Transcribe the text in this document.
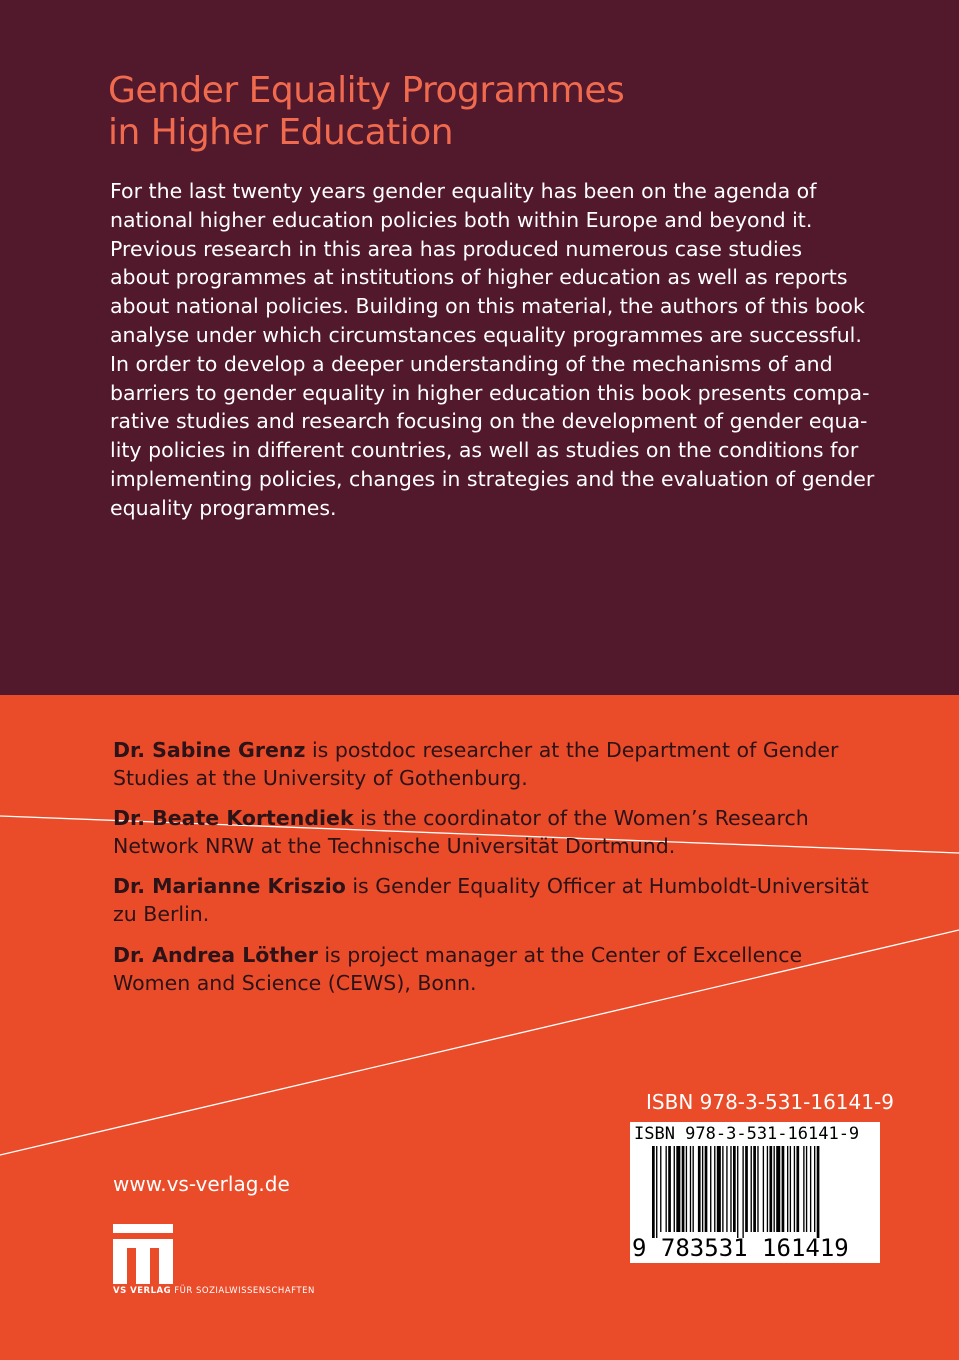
Gender Equality Programmes
in Higher Education

For the last twenty years gender equality has been on the agenda of
national higher education policies both within Europe and beyond it.
Previous research in this area has produced numerous case studies
about programmes at institutions of higher education as well as reports
about national policies. Building on this material, the authors of this book
analyse under which circumstances equality programmes are successful.
In order to develop a deeper understanding of the mechanisms of and
barriers to gender equality in higher education this book presents compa-
rative studies and research focusing on the development of gender equa-
lity policies in different countries, as well as studies on the conditions for
implementing policies, changes in strategies and the evaluation of gender
equality programmes.

Dr. Sabine Grenz is postdoc researcher at the Department of Gender
Studies at the University of Gothenburg.

Dr. Beate Kortendiek is the coordinator of the Women’s Research
Network NRW at the Technische Universität Dortmund.

Dr. Marianne Kriszio is Gender Equality Officer at Humboldt-Universität
zu Berlin.

Dr. Andrea Löther is project manager at the Center of Excellence
Women and Science (CEWS), Bonn.

ISBN 978-3-531-16141-9
ISBN 978-3-531-16141-9
9 783531 161419
www.vs-verlag.de
VS VERLAG FÜR SOZIALWISSENSCHAFTEN
